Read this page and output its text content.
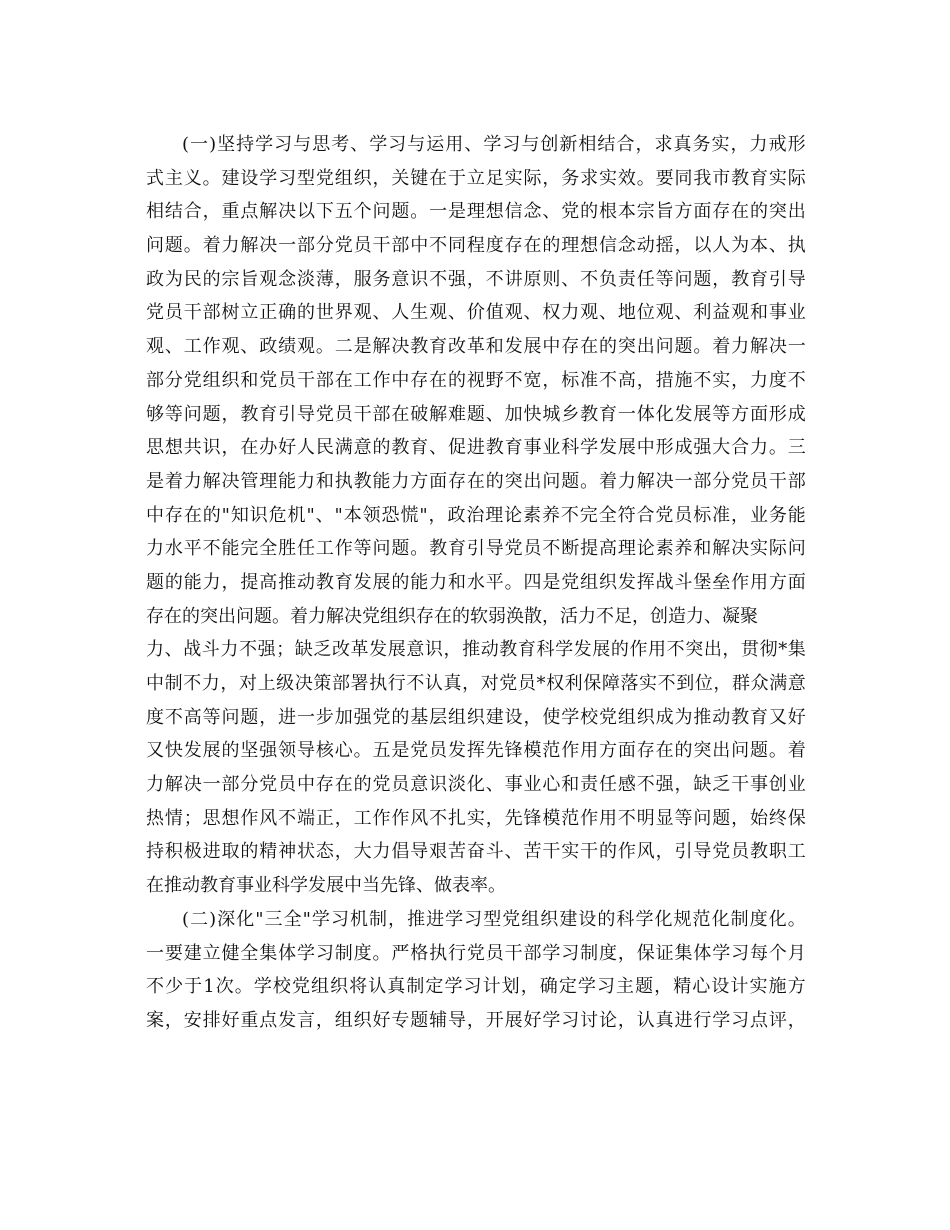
( 一 ) 坚 持 学 习 与 思 考 、 学 习 与 运 用 、 学 习 与 创 新 相 结 合 ， 求 真 务 实 ， 力 戒 形
式 主 义 。 建 设 学 习 型 党 组 织 ， 关 键 在 于 立 足 实 际 ， 务 求 实 效 。 要 同 我 市 教 育 实 际
相 结 合 ， 重 点 解 决 以 下 五 个 问 题 。 一 是 理 想 信 念 、 党 的 根 本 宗 旨 方 面 存 在 的 突 出
问 题 。 着 力 解 决 一 部 分 党 员 干 部 中 不 同 程 度 存 在 的 理 想 信 念 动 摇 ， 以 人 为 本 、 执
政 为 民 的 宗 旨 观 念 淡 薄 ， 服 务 意 识 不 强 ， 不 讲 原 则 、 不 负 责 任 等 问 题 ， 教 育 引 导
党 员 干 部 树 立 正 确 的 世 界 观 、 人 生 观 、 价 值 观 、 权 力 观 、 地 位 观 、 利 益 观 和 事 业
观 、 工 作 观 、 政 绩 观 。 二 是 解 决 教 育 改 革 和 发 展 中 存 在 的 突 出 问 题 。 着 力 解 决 一
部 分 党 组 织 和 党 员 干 部 在 工 作 中 存 在 的 视 野 不 宽 ， 标 准 不 高 ， 措 施 不 实 ， 力 度 不
够 等 问 题 ， 教 育 引 导 党 员 干 部 在 破 解 难 题 、 加 快 城 乡 教 育 一 体 化 发 展 等 方 面 形 成
思 想 共 识 ， 在 办 好 人 民 满 意 的 教 育 、 促 进 教 育 事 业 科 学 发 展 中 形 成 强 大 合 力 。 三
是 着 力 解 决 管 理 能 力 和 执 教 能 力 方 面 存 在 的 突 出 问 题 。 着 力 解 决 一 部 分 党 员 干 部
中 存 在 的 " 知 识 危 机 " 、 " 本 领 恐 慌 " ， 政 治 理 论 素 养 不 完 全 符 合 党 员 标 准 ， 业 务 能
力 水 平 不 能 完 全 胜 任 工 作 等 问 题 。 教 育 引 导 党 员 不 断 提 高 理 论 素 养 和 解 决 实 际 问
题 的 能 力 ， 提 高 推 动 教 育 发 展 的 能 力 和 水 平 。 四 是 党 组 织 发 挥 战 斗 堡 垒 作 用 方 面
存在的突出问题。着力解决党组织存在的软弱涣散，活力不足，创造力、凝聚
力 、 战 斗 力 不 强 ； 缺 乏 改 革 发 展 意 识 ， 推 动 教 育 科 学 发 展 的 作 用 不 突 出 ， 贯 彻 * 集
中 制 不 力 ， 对 上 级 决 策 部 署 执 行 不 认 真 ， 对 党 员 * 权 利 保 障 落 实 不 到 位 ， 群 众 满 意
度 不 高 等 问 题 ， 进 一 步 加 强 党 的 基 层 组 织 建 设 ， 使 学 校 党 组 织 成 为 推 动 教 育 又 好
又 快 发 展 的 坚 强 领 导 核 心 。 五 是 党 员 发 挥 先 锋 模 范 作 用 方 面 存 在 的 突 出 问 题 。 着
力 解 决 一 部 分 党 员 中 存 在 的 党 员 意 识 淡 化 、 事 业 心 和 责 任 感 不 强 ， 缺 乏 干 事 创 业
热 情 ； 思 想 作 风 不 端 正 ， 工 作 作 风 不 扎 实 ， 先 锋 模 范 作 用 不 明 显 等 问 题 ， 始 终 保
持 积 极 进 取 的 精 神 状 态 ， 大 力 倡 导 艰 苦 奋 斗 、 苦 干 实 干 的 作 风 ， 引 导 党 员 教 职 工
在推动教育事业科学发展中当先锋、做表率。
( 二 ) 深 化 " 三 全 " 学 习 机 制 ， 推 进 学 习 型 党 组 织 建 设 的 科 学 化 规 范 化 制 度 化 。
一 要 建 立 健 全 集 体 学 习 制 度 。 严 格 执 行 党 员 干 部 学 习 制 度 ， 保 证 集 体 学 习 每 个 月
不 少 于 1 次 。 学 校 党 组 织 将 认 真 制 定 学 习 计 划 ， 确 定 学 习 主 题 ， 精 心 设 计 实 施 方
案 ， 安 排 好 重 点 发 言 ， 组 织 好 专 题 辅 导 ， 开 展 好 学 习 讨 论 ， 认 真 进 行 学 习 点 评 ，
